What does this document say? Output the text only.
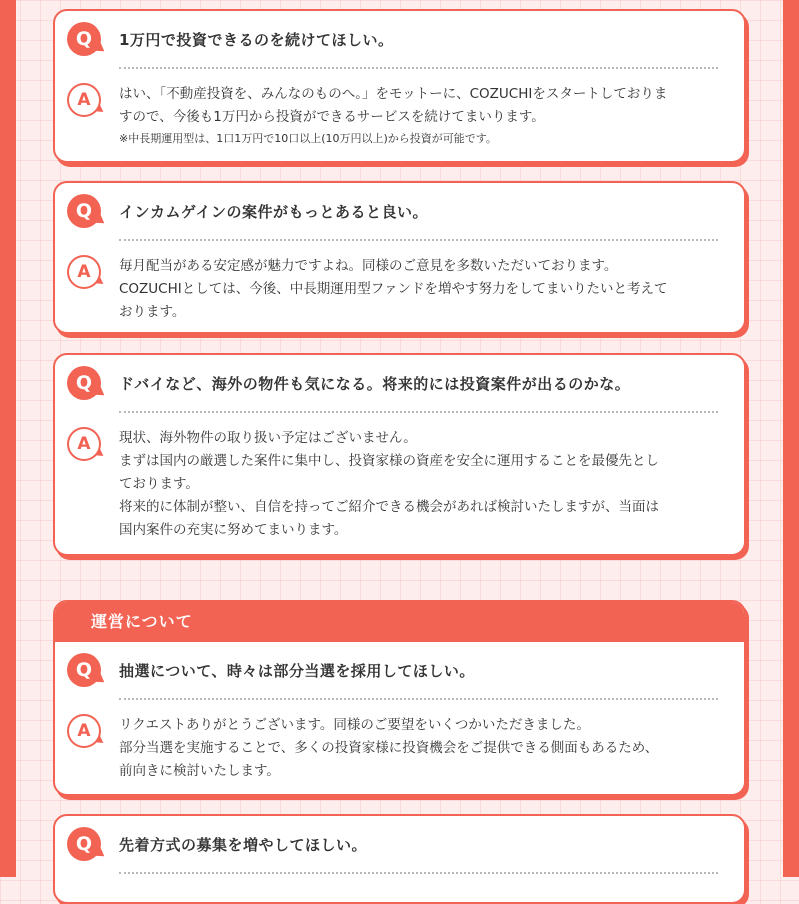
Q	1万円で投資できるのを続けてほしい。
A	はい、「不動産投資を、みんなのものへ。」をモットーに、COZUCHIをスタートしておりま

すので、今後も1万円から投資ができるサービスを続けてまいります。

※中長期運用型は、1口1万円で10口以上(10万円以上)から投資が可能です。

Q	インカムゲインの案件がもっとあると良い。
A	毎月配当がある安定感が魅力ですよね。同様のご意見を多数いただいております。

COZUCHIとしては、今後、中長期運用型ファンドを増やす努力をしてまいりたいと考えて

おります。

Q	ドバイなど、海外の物件も気になる。将来的には投資案件が出るのかな。
A	現状、海外物件の取り扱い予定はございません。

まずは国内の厳選した案件に集中し、投資家様の資産を安全に運用することを最優先とし

ております。

将来的に体制が整い、自信を持ってご紹介できる機会があれば検討いたしますが、当面は

国内案件の充実に努めてまいります。

運営について
Q	抽選について、時々は部分当選を採用してほしい。
A	リクエストありがとうございます。同様のご要望をいくつかいただきました。

部分当選を実施することで、多くの投資家様に投資機会をご提供できる側面もあるため、

前向きに検討いたします。

Q	先着方式の募集を増やしてほしい。
